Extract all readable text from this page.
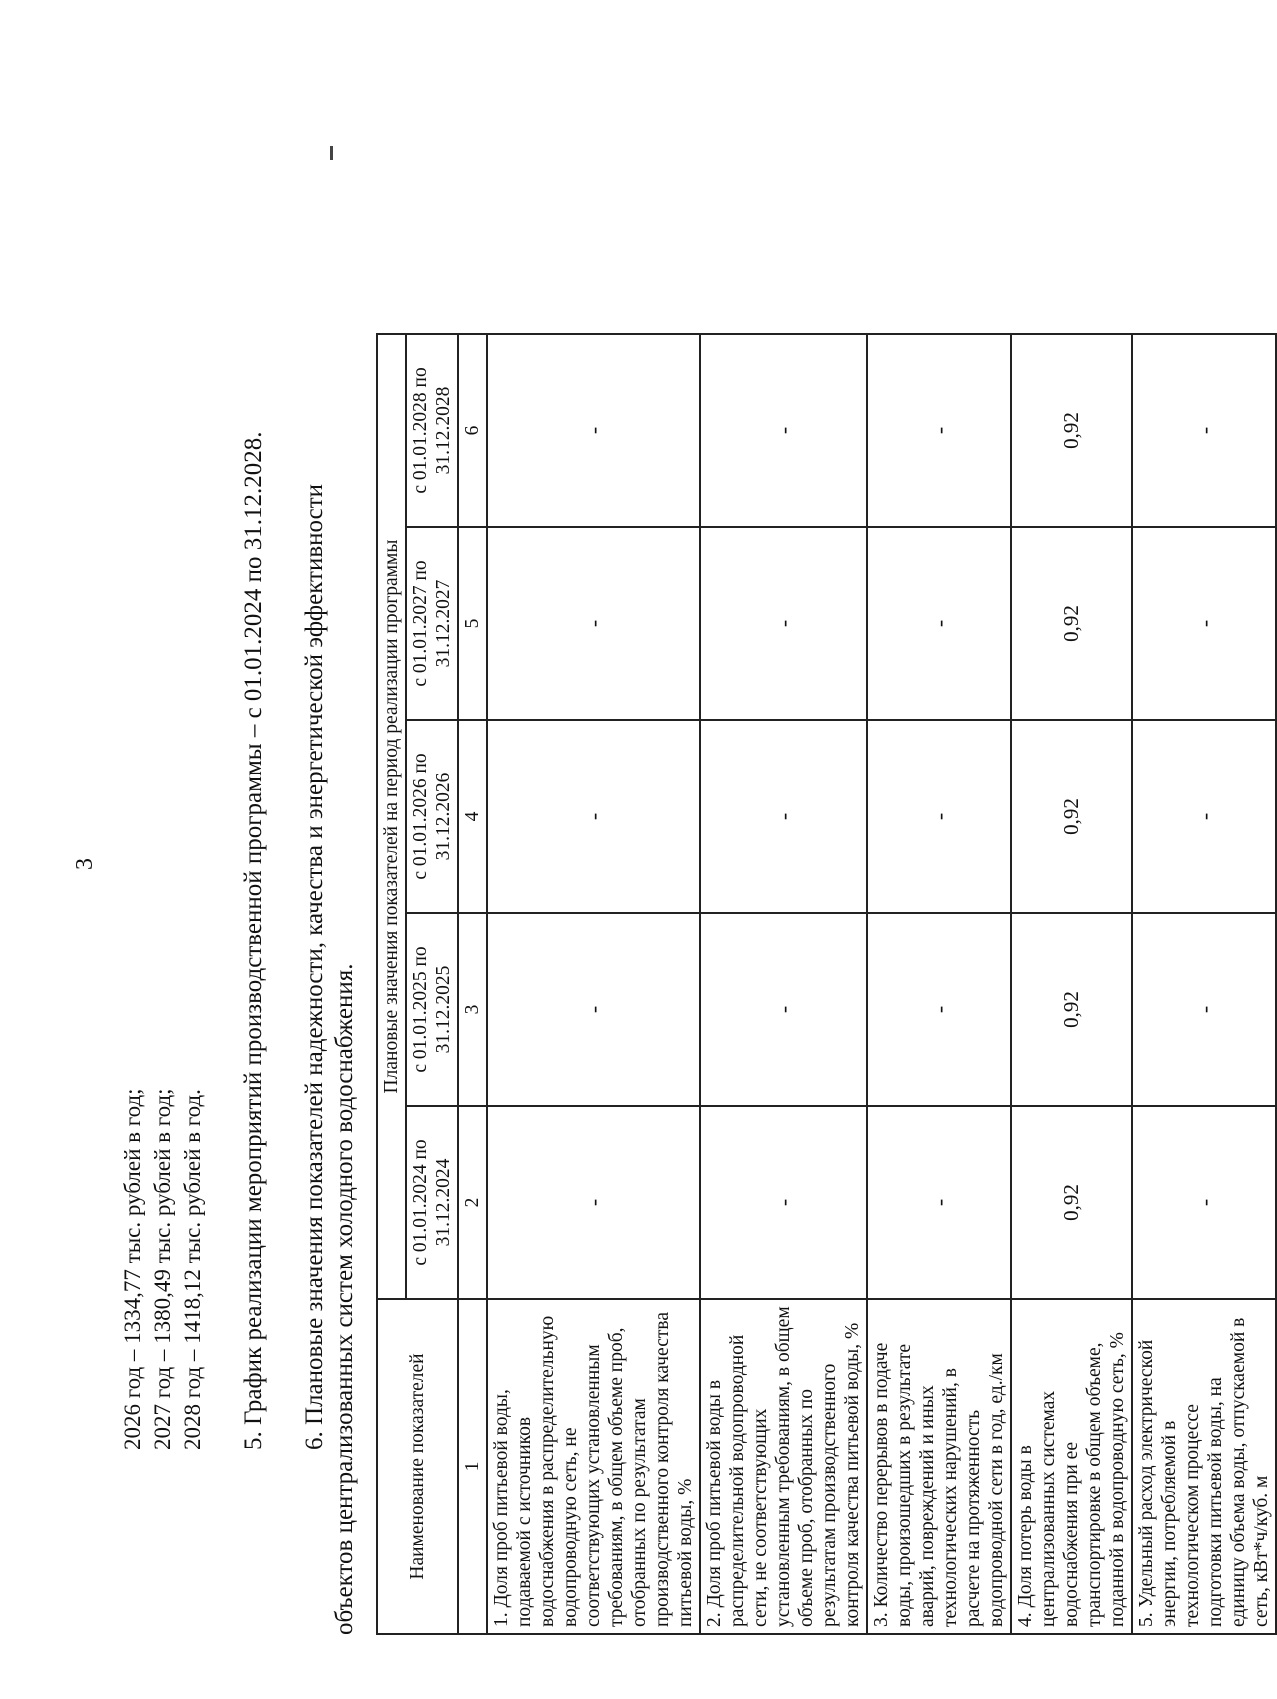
3
2026 год – 1334,77 тыс. рублей в год; 2027 год – 1380,49 тыс. рублей в год; 2028 год – 1418,12 тыс. рублей в год. 5. График реализации мероприятий производственной программы – с 01.01.2024 по 31.12.2028. 6. Плановые значения показателей надежности, качества и энергетической эффективности объектов централизованных систем холодного водоснабжения.	Наименование показателей	Плановые значения показателей на период реализации программы				
	с 01.01.2024 по 31.12.2024	с 01.01.2025 по 31.12.2025	с 01.01.2026 по 31.12.2026	с 01.01.2027 по 31.12.2027	с 01.01.2028 по 31.12.2028
1	2	3	4	5	6
1. Доля проб питьевой воды, подаваемой с источников водоснабжения в распределительную водопроводную сеть, не соответствующих установленным требованиям, в общем объеме проб, отобранных по результатам производственного контроля качества питьевой воды, %	-	-	-	-	-
2. Доля проб питьевой воды в распределительной водопроводной сети, не соответствующих установленным требованиям, в общем объеме проб, отобранных по результатам производственного контроля качества питьевой воды, %	-	-	-	-	-
3. Количество перерывов в подаче воды, произошедших в результате аварий, повреждений и иных технологических нарушений, в расчете на протяженность водопроводной сети в год, ед./км	-	-	-	-	-
4. Доля потерь воды в централизованных системах водоснабжения при ее транспортировке в общем объеме, поданной в водопроводную сеть, %	0,92	0,92	0,92	0,92	0,92
5. Удельный расход электрической энергии, потребляемой в технологическом процессе подготовки питьевой воды, на единицу объема воды, отпускаемой в сеть, кВт*ч/куб. м	-	-	-	-	-
